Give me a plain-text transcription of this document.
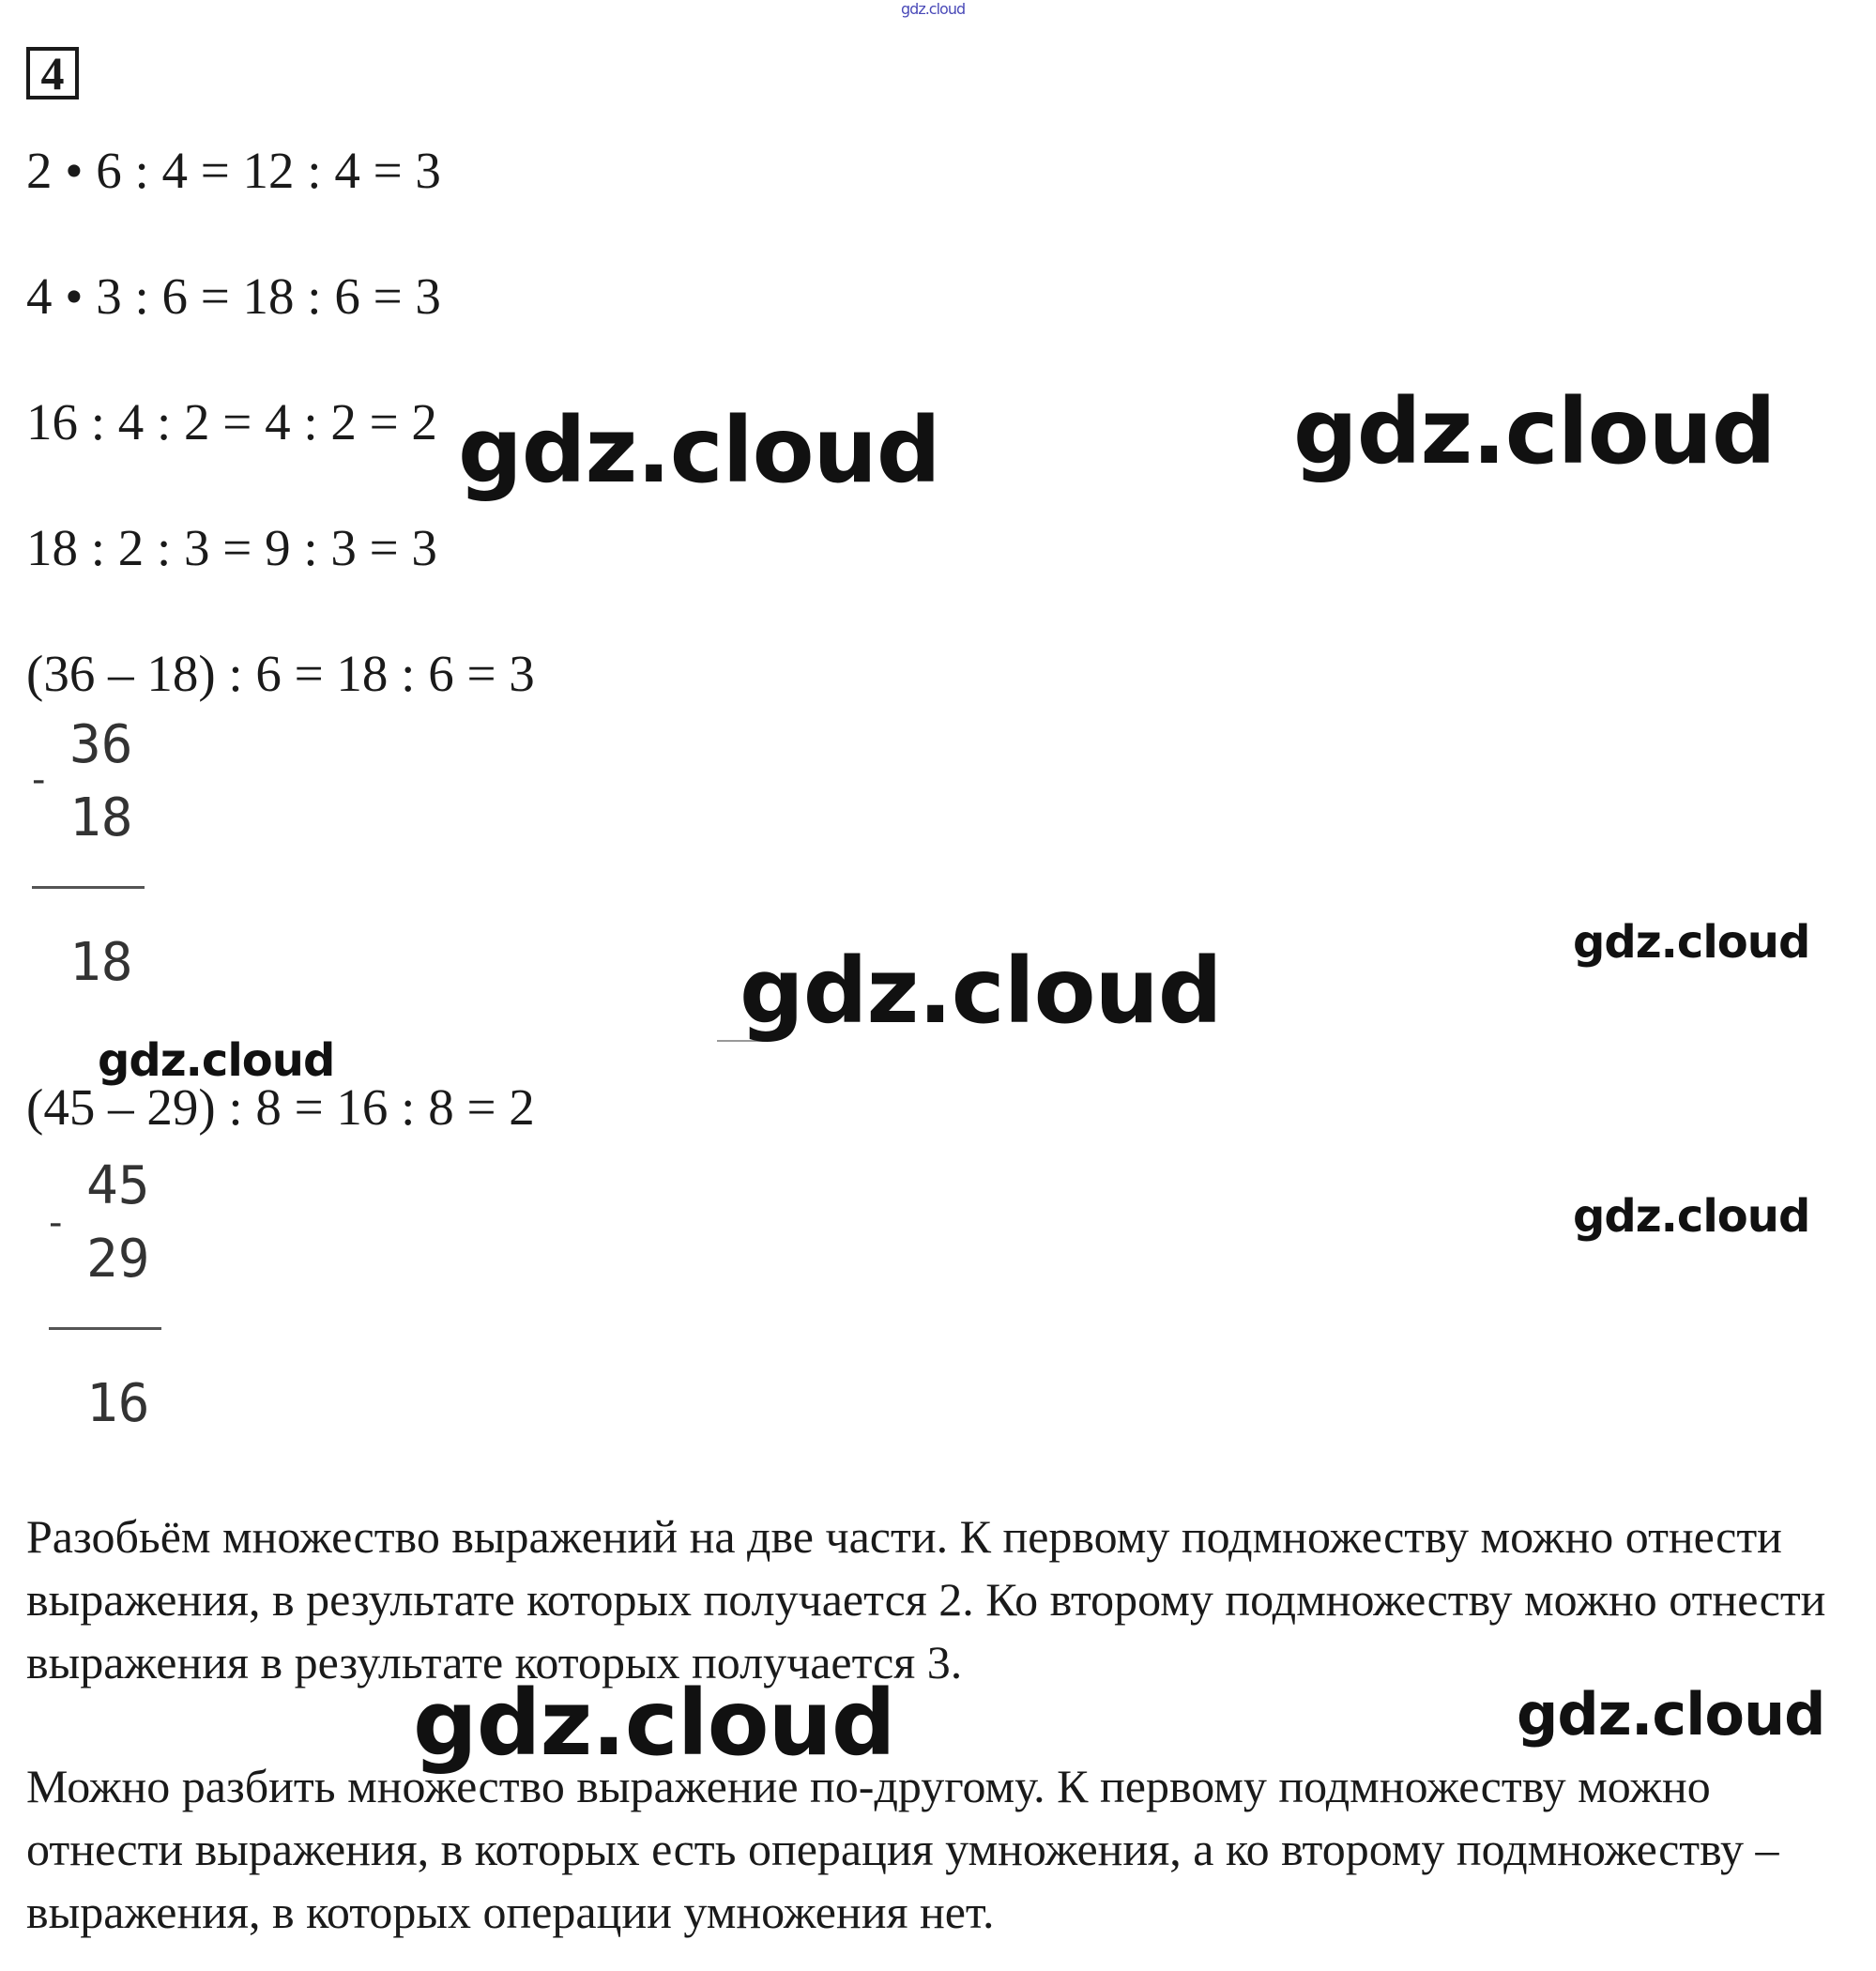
gdz.cloud
4
2 • 6 : 4 = 12 : 4 = 3
4 • 3 : 6 = 18 : 6 = 3
16 : 4 : 2 = 4 : 2 = 2
18 : 2 : 3 = 9 : 3 = 3
(36 – 18) : 6 = 18 : 6 = 3
-
36
18
18
(45 – 29) : 8 = 16 : 8 = 2
-
45
29
16
Разобьём множество выражений на две части. К первому подмножеству можно отнести выражения, в результате которых получается 2. Ко второму подмножеству можно отнести выражения в результате которых получается 3.
Можно разбить множество выражение по-другому. К первому подмножеству можно отнести выражения, в которых есть операция умножения, а ко второму подмножеству – выражения, в которых операции умножения нет.
gdz.cloud	gdz.cloud
gdz.cloud	gdz.cloud
gdz.cloud
gdz.cloud
gdz.cloud	gdz.cloud
